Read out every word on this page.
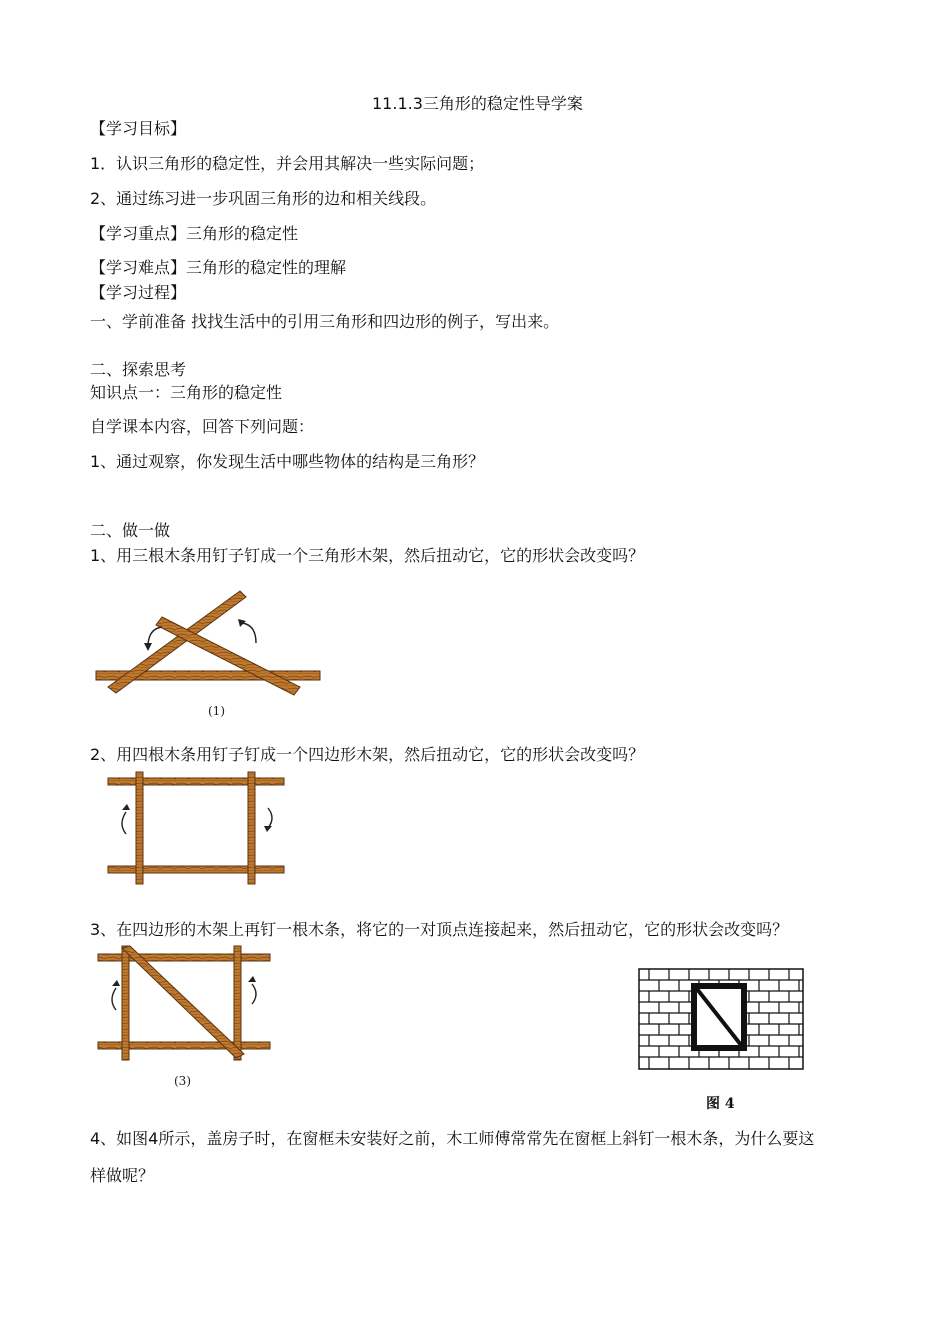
11.1.3三角形的稳定性导学案
【学习目标】
1．认识三角形的稳定性，并会用其解决一些实际问题；
2、通过练习进一步巩固三角形的边和相关线段。
【学习重点】三角形的稳定性
【学习难点】三角形的稳定性的理解
【学习过程】
一、学前准备 找找生活中的引用三角形和四边形的例子，写出来。
二、探索思考
知识点一：三角形的稳定性
自学课本内容，回答下列问题：
1、通过观察，你发现生活中哪些物体的结构是三角形？
二、做一做
1、用三根木条用钉子钉成一个三角形木架，然后扭动它，它的形状会改变吗？
(1)
2、用四根木条用钉子钉成一个四边形木架，然后扭动它，它的形状会改变吗？
3、在四边形的木架上再钉一根木条，将它的一对顶点连接起来，然后扭动它，它的形状会改变吗？
(3)
图 4
4、如图4所示，盖房子时，在窗框未安装好之前，木工师傅常常先在窗框上斜钉一根木条，为什么要这
样做呢？
